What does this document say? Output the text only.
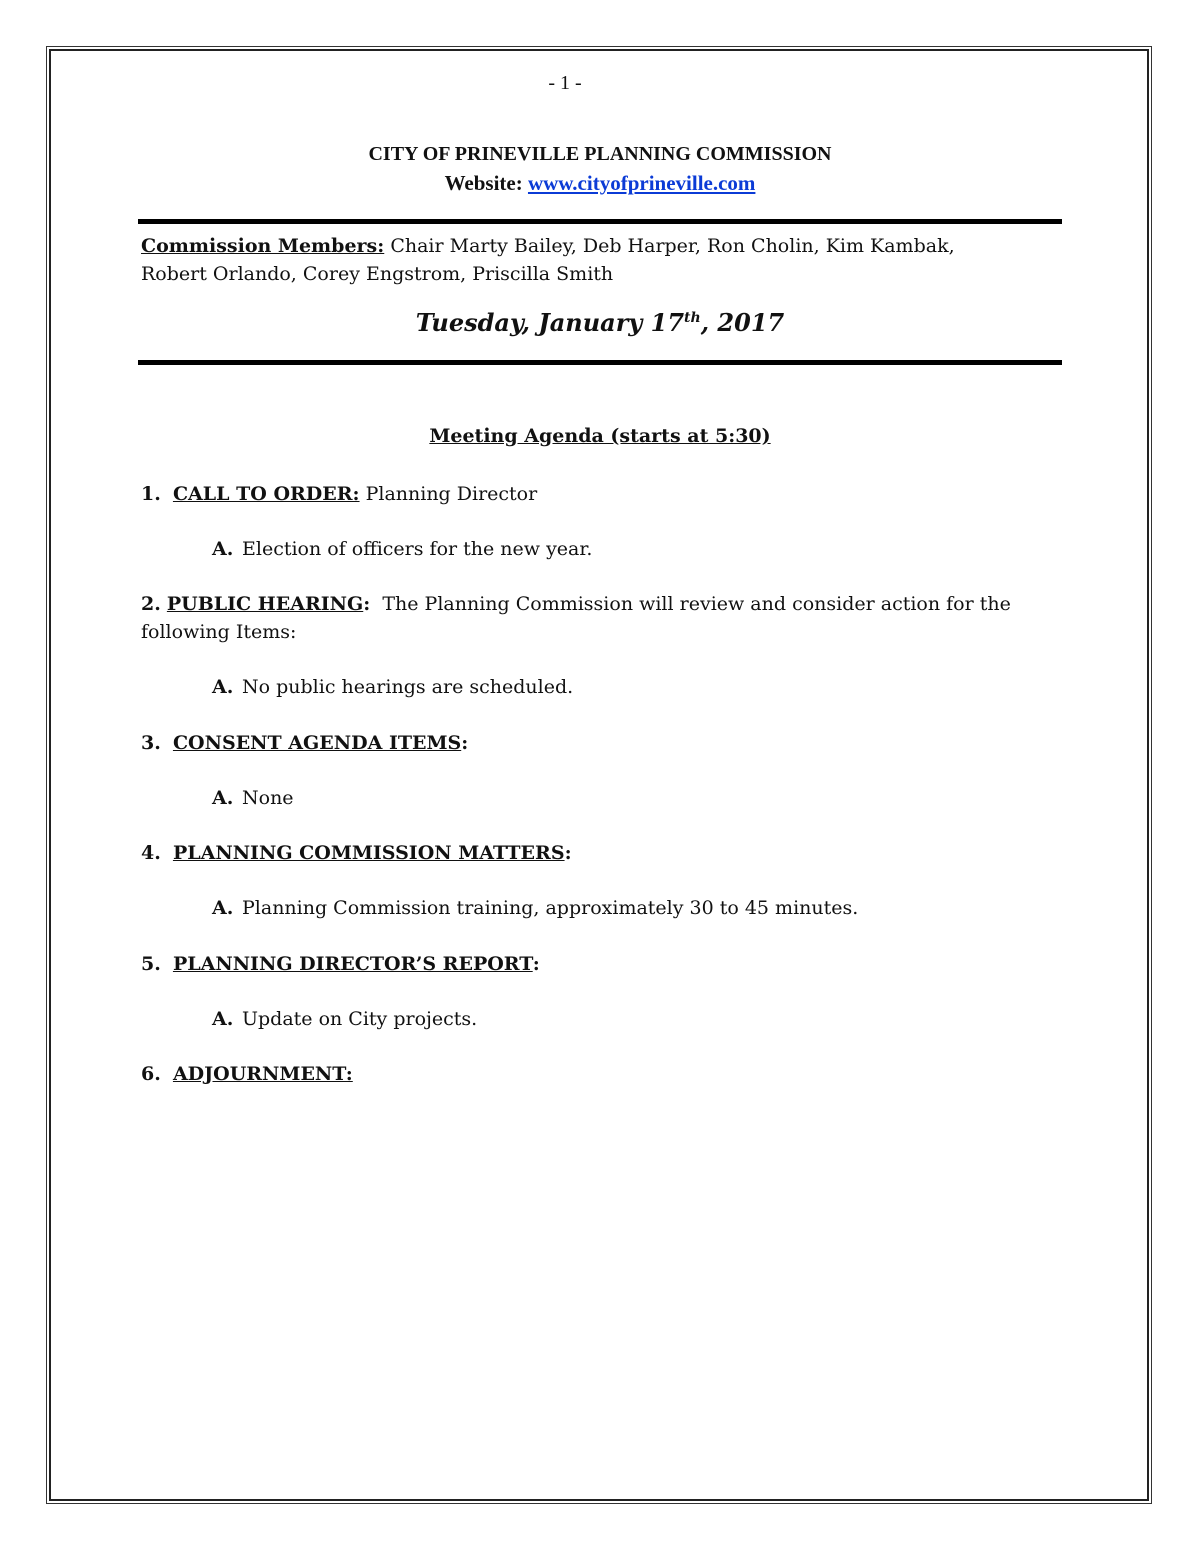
- 1 -
CITY OF PRINEVILLE PLANNING COMMISSION
Website: www.cityofprineville.com
Commission Members: Chair Marty Bailey, Deb Harper, Ron Cholin, Kim Kambak,
Robert Orlando, Corey Engstrom, Priscilla Smith
Tuesday, January 17th, 2017
Meeting Agenda (starts at 5:30)
1. CALL TO ORDER: Planning Director
A. Election of officers for the new year.
2. PUBLIC HEARING:  The Planning Commission will review and consider action for the
following Items:
A. No public hearings are scheduled.
3. CONSENT AGENDA ITEMS:
A. None
4. PLANNING COMMISSION MATTERS:
A. Planning Commission training, approximately 30 to 45 minutes.
5. PLANNING DIRECTOR’S REPORT:
A. Update on City projects.
6. ADJOURNMENT:
